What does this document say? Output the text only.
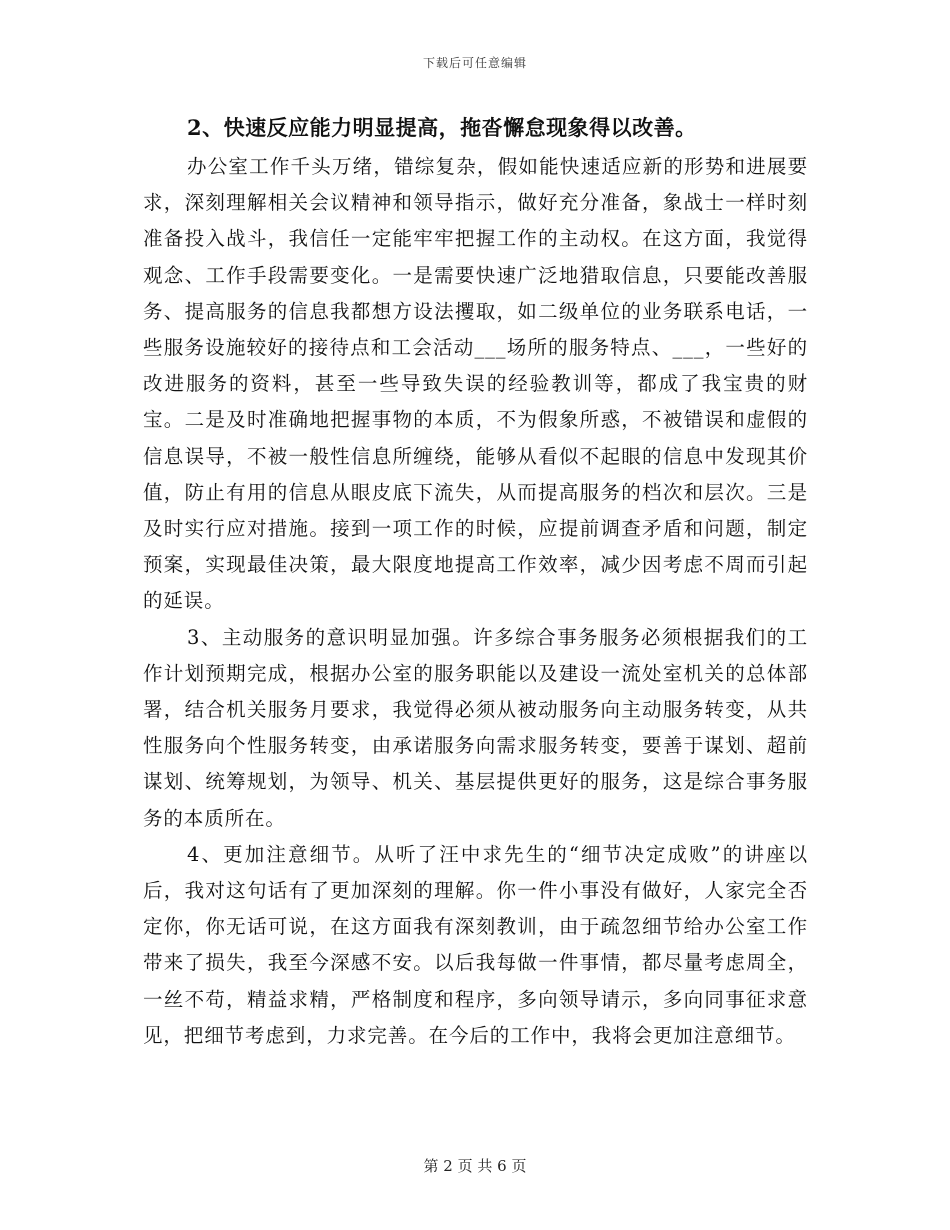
下载后可任意编辑

2、快速反应能力明显提高，拖沓懈怠现象得以改善。

办公室工作千头万绪，错综复杂，假如能快速适应新的形势和进展要求，深刻理解相关会议精神和领导指示，做好充分准备，象战士一样时刻准备投入战斗，我信任一定能牢牢把握工作的主动权。在这方面，我觉得观念、工作手段需要变化。一是需要快速广泛地猎取信息，只要能改善服务、提高服务的信息我都想方设法攫取，如二级单位的业务联系电话，一些服务设施较好的接待点和工会活动___场所的服务特点、___，一些好的改进服务的资料，甚至一些导致失误的经验教训等，都成了我宝贵的财宝。二是及时准确地把握事物的本质，不为假象所惑，不被错误和虚假的信息误导，不被一般性信息所缠绕，能够从看似不起眼的信息中发现其价值，防止有用的信息从眼皮底下流失，从而提高服务的档次和层次。三是及时实行应对措施。接到一项工作的时候，应提前调查矛盾和问题，制定预案，实现最佳决策，最大限度地提高工作效率，减少因考虑不周而引起的延误。

3、主动服务的意识明显加强。许多综合事务服务必须根据我们的工作计划预期完成，根据办公室的服务职能以及建设一流处室机关的总体部署，结合机关服务月要求，我觉得必须从被动服务向主动服务转变，从共性服务向个性服务转变，由承诺服务向需求服务转变，要善于谋划、超前谋划、统筹规划，为领导、机关、基层提供更好的服务，这是综合事务服务的本质所在。

4、更加注意细节。从听了汪中求先生的“细节决定成败”的讲座以后，我对这句话有了更加深刻的理解。你一件小事没有做好，人家完全否定你，你无话可说，在这方面我有深刻教训，由于疏忽细节给办公室工作带来了损失，我至今深感不安。以后我每做一件事情，都尽量考虑周全，一丝不苟，精益求精，严格制度和程序，多向领导请示，多向同事征求意见，把细节考虑到，力求完善。在今后的工作中，我将会更加注意细节。

第 2 页 共 6 页
